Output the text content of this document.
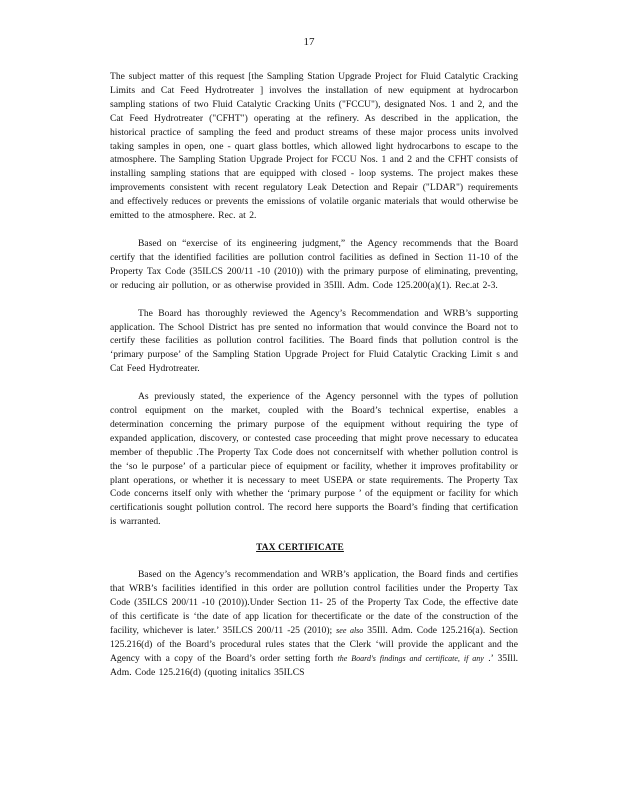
17

The subject matter of this request [the Sampling Station Upgrade Project for Fluid Catalytic Cracking Limits and Cat Feed Hydrotreater ] involves the installation of new equipment at hydrocarbon sampling stations of two Fluid Catalytic Cracking Units ("FCCU"), designated Nos. 1 and 2, and the Cat Feed Hydrotreater ("CFHT") operating at the refinery. As described in the application, the historical practice of sampling the feed and product streams of these major process units involved taking samples in open, one - quart glass bottles, which allowed light hydrocarbons to escape to the atmosphere. The Sampling Station Upgrade Project for FCCU Nos. 1 and 2 and the CFHT consists of installing sampling stations that are equipped with closed - loop systems. The project makes these improvements consistent with recent regulatory Leak Detection and Repair ("LDAR") requirements and effectively reduces or prevents the emissions of volatile organic materials that would otherwise be emitted to the atmosphere. Rec. at 2.

Based on “exercise of its engineering judgment,” the Agency recommends that the Board certify that the identified facilities are pollution control facilities as defined in Section 11-10 of the Property Tax Code (35ILCS 200/11 -10 (2010)) with the primary purpose of eliminating, preventing, or reducing air pollution, or as otherwise provided in 35Ill. Adm. Code 125.200(a)(1). Rec.at 2-3.

The Board has thoroughly reviewed the Agency’s Recommendation and WRB’s supporting application. The School District has pre sented no information that would convince the Board not to certify these facilities as pollution control facilities. The Board finds that pollution control is the ‘primary purpose’ of the Sampling Station Upgrade Project for Fluid Catalytic Cracking Limit s and Cat Feed Hydrotreater.

As previously stated, the experience of the Agency personnel with the types of pollution control equipment on the market, coupled with the Board’s technical expertise, enables a determination concerning the primary purpose of the equipment without requiring the type of expanded application, discovery, or contested case proceeding that might prove necessary to educatea member of thepublic .The Property Tax Code does not concernitself with whether pollution control is the ‘so le purpose’ of a particular piece of equipment or facility, whether it improves profitability or plant operations, or whether it is necessary to meet USEPA or state requirements. The Property Tax Code concerns itself only with whether the ‘primary purpose ’ of the equipment or facility for which certificationis sought pollution control. The record here supports the Board’s finding that certification is warranted.

TAX CERTIFICATE

Based on the Agency’s recommendation and WRB’s application, the Board finds and certifies that WRB’s facilities identified in this order are pollution control facilities under the Property Tax Code (35ILCS 200/11 -10 (2010)).Under Section 11- 25 of the Property Tax Code, the effective date of this certificate is ‘the date of app lication for thecertificate or the date of the construction of the facility, whichever is later.’ 35ILCS 200/11 -25 (2010); see also 35Ill. Adm. Code 125.216(a). Section 125.216(d) of the Board’s procedural rules states that the Clerk ‘will provide the applicant and the Agency with a copy of the Board’s order setting forth the Board's findings and certificate, if any .’ 35Ill. Adm. Code 125.216(d) (quoting initalics 35ILCS
